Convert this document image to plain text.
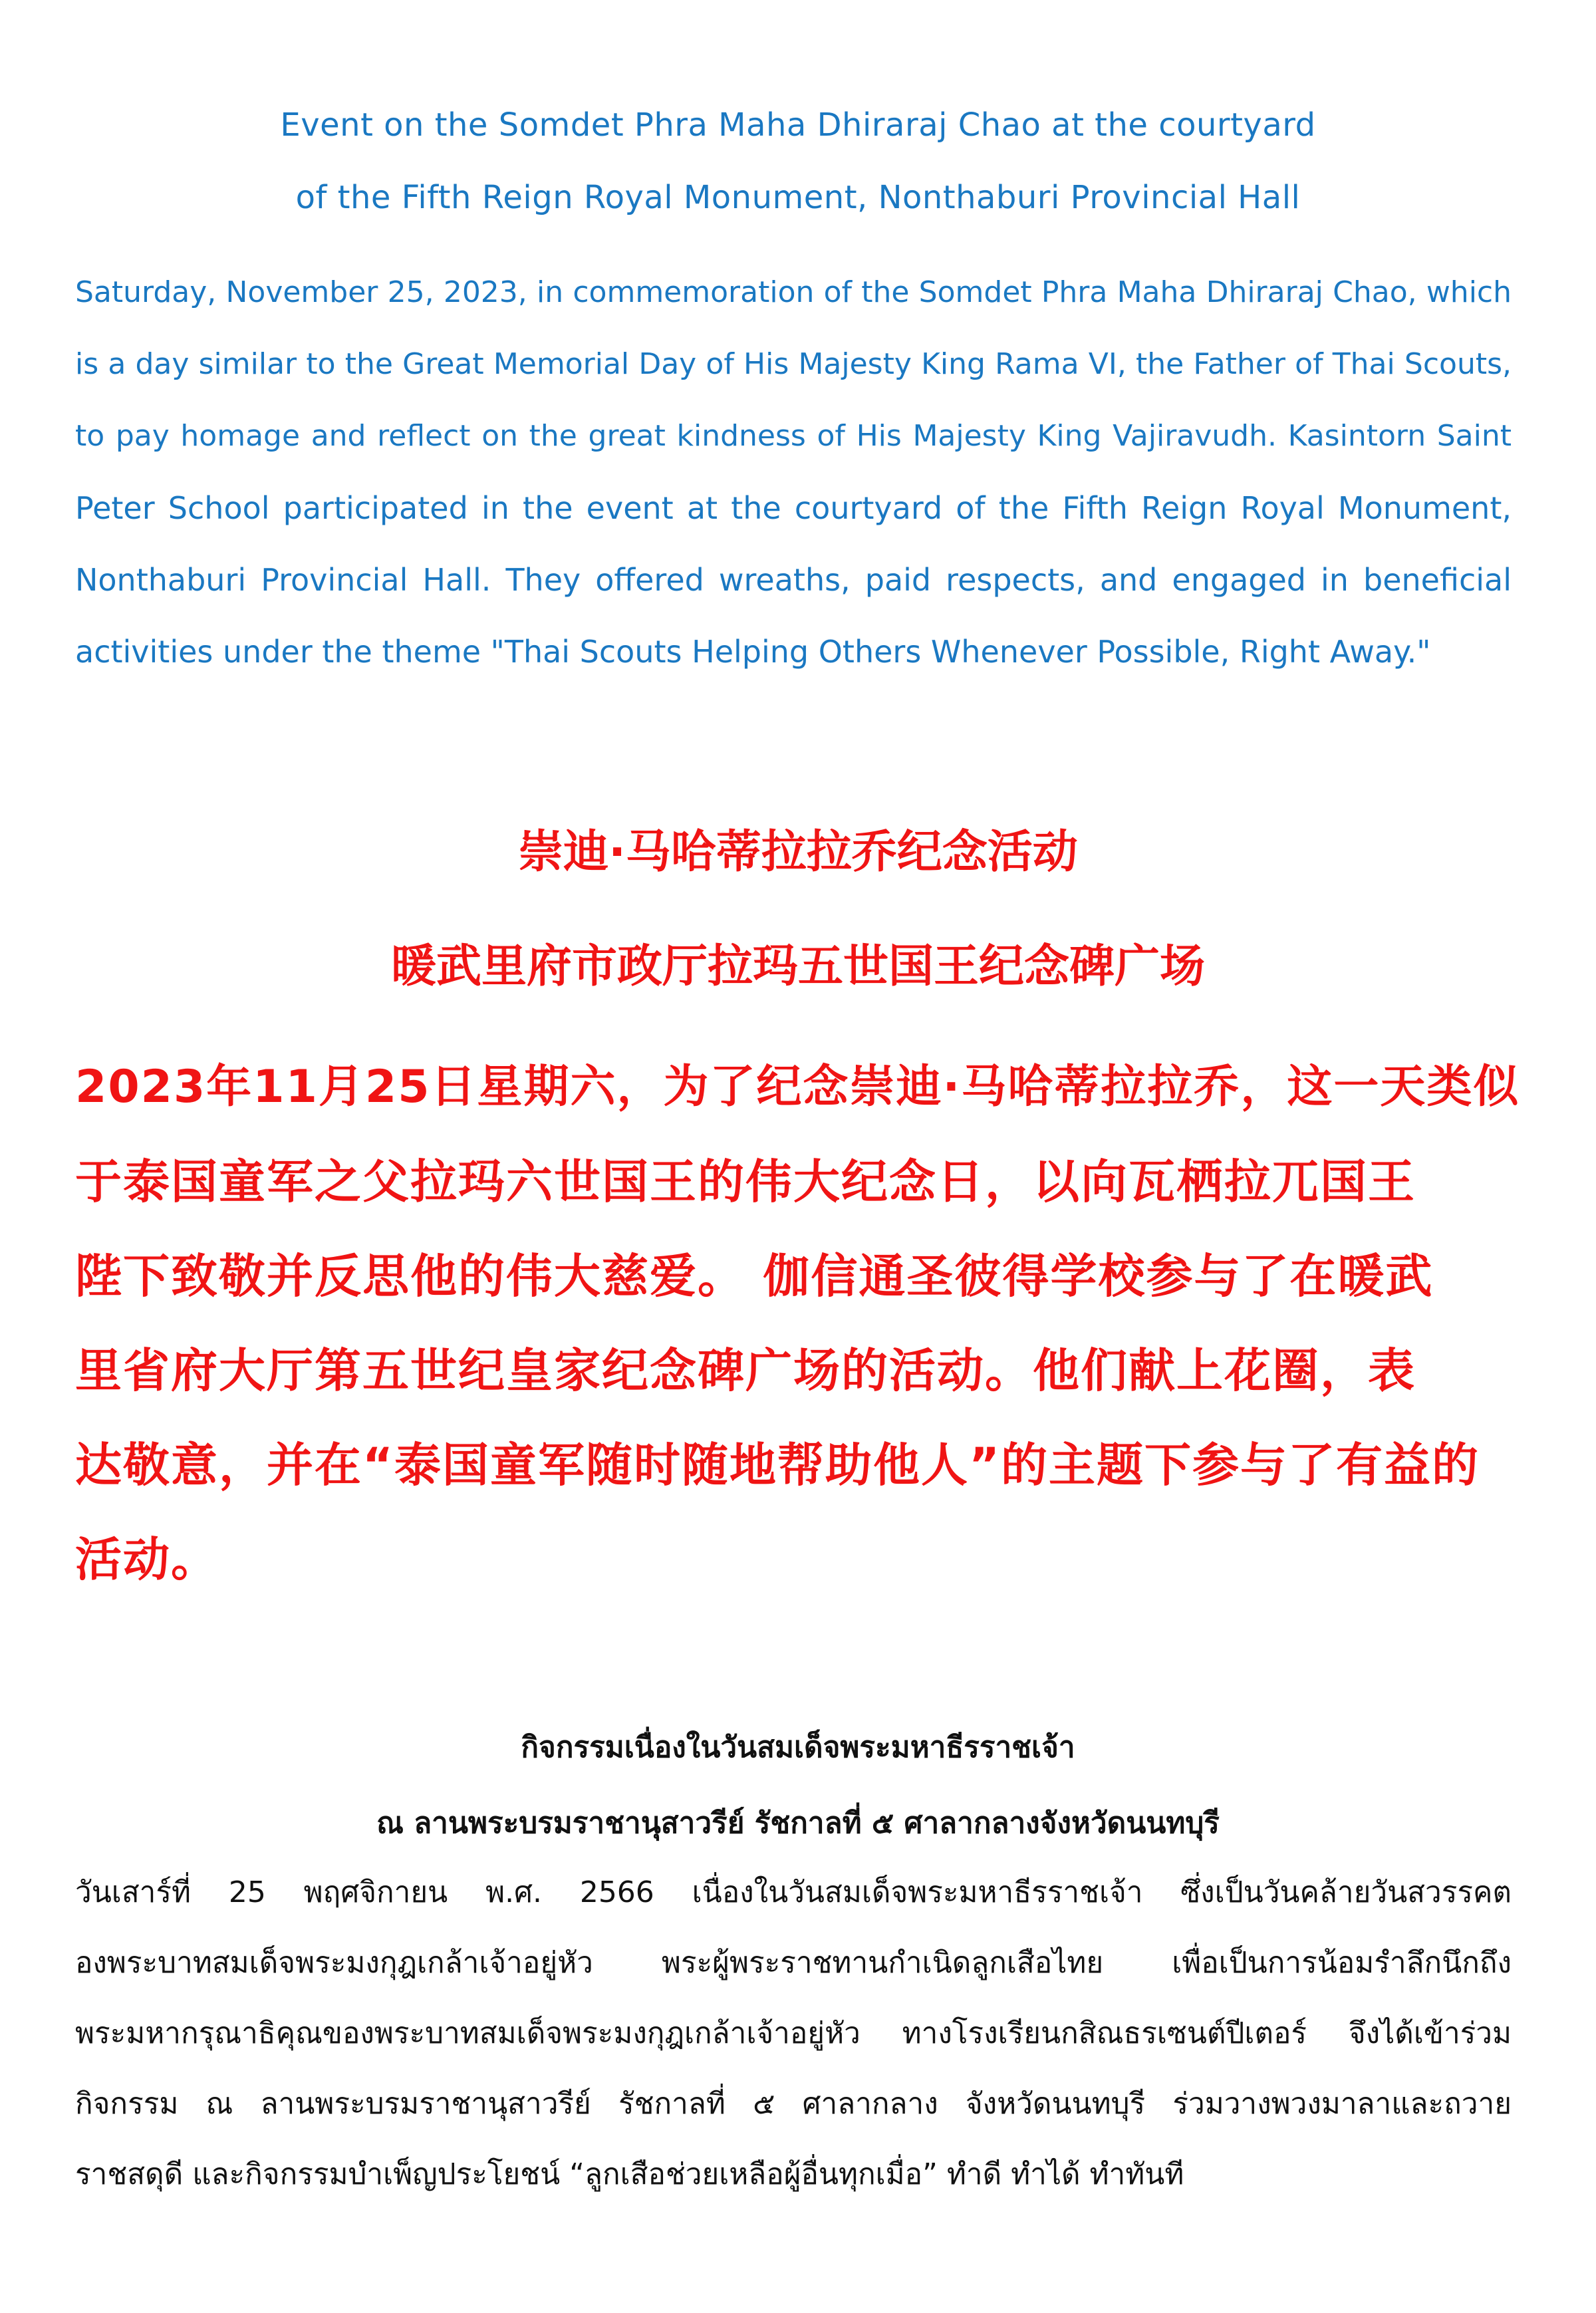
Event on the Somdet Phra Maha Dhiraraj Chao at the courtyard
of the Fifth Reign Royal Monument, Nonthaburi Provincial Hall
Saturday, November 25, 2023, in commemoration of the Somdet Phra Maha Dhiraraj Chao, which
is a day similar to the Great Memorial Day of His Majesty King Rama VI, the Father of Thai Scouts,
to pay homage and reflect on the great kindness of His Majesty King Vajiravudh. Kasintorn Saint
Peter School participated in the event at the courtyard of the Fifth Reign Royal Monument,
Nonthaburi Provincial Hall. They offered wreaths, paid respects, and engaged in beneficial
activities under the theme "Thai Scouts Helping Others Whenever Possible, Right Away."
崇迪·马哈蒂拉拉乔纪念活动
暖武里府市政厅拉玛五世国王纪念碑广场
2023年11月25日星期六，为了纪念崇迪·马哈蒂拉拉乔，这一天类似
于泰国童军之父拉玛六世国王的伟大纪念日，以向瓦栖拉兀国王
陛下致敬并反思他的伟大慈爱。 伽信通圣彼得学校参与了在暖武
里省府大厅第五世纪皇家纪念碑广场的活动。他们献上花圈，表
达敬意，并在“泰国童军随时随地帮助他人”的主题下参与了有益的
活动。
กิจกรรมเนื่องในวันสมเด็จพระมหาธีรราชเจ้า
ณ ลานพระบรมราชานุสาวรีย์ รัชกาลที่ ๕ ศาลากลางจังหวัดนนทบุรี
วันเสาร์ที่ 25 พฤศจิกายน พ.ศ. 2566 เนื่องในวันสมเด็จพระมหาธีรราชเจ้า ซึ่งเป็นวันคล้ายวันสวรรคต
องพระบาทสมเด็จพระมงกุฎเกล้าเจ้าอยู่หัว พระผู้พระราชทานกำเนิดลูกเสือไทย เพื่อเป็นการน้อมรำลึกนึกถึง
พระมหากรุณาธิคุณของพระบาทสมเด็จพระมงกุฎเกล้าเจ้าอยู่หัว ทางโรงเรียนกสิณธรเซนต์ปีเตอร์ จึงได้เข้าร่วม
กิจกรรม ณ ลานพระบรมราชานุสาวรีย์ รัชกาลที่ ๕ ศาลากลาง จังหวัดนนทบุรี ร่วมวางพวงมาลาและถวาย
ราชสดุดี และกิจกรรมบำเพ็ญประโยชน์ “ลูกเสือช่วยเหลือผู้อื่นทุกเมื่อ” ทำดี ทำได้ ทำทันที
